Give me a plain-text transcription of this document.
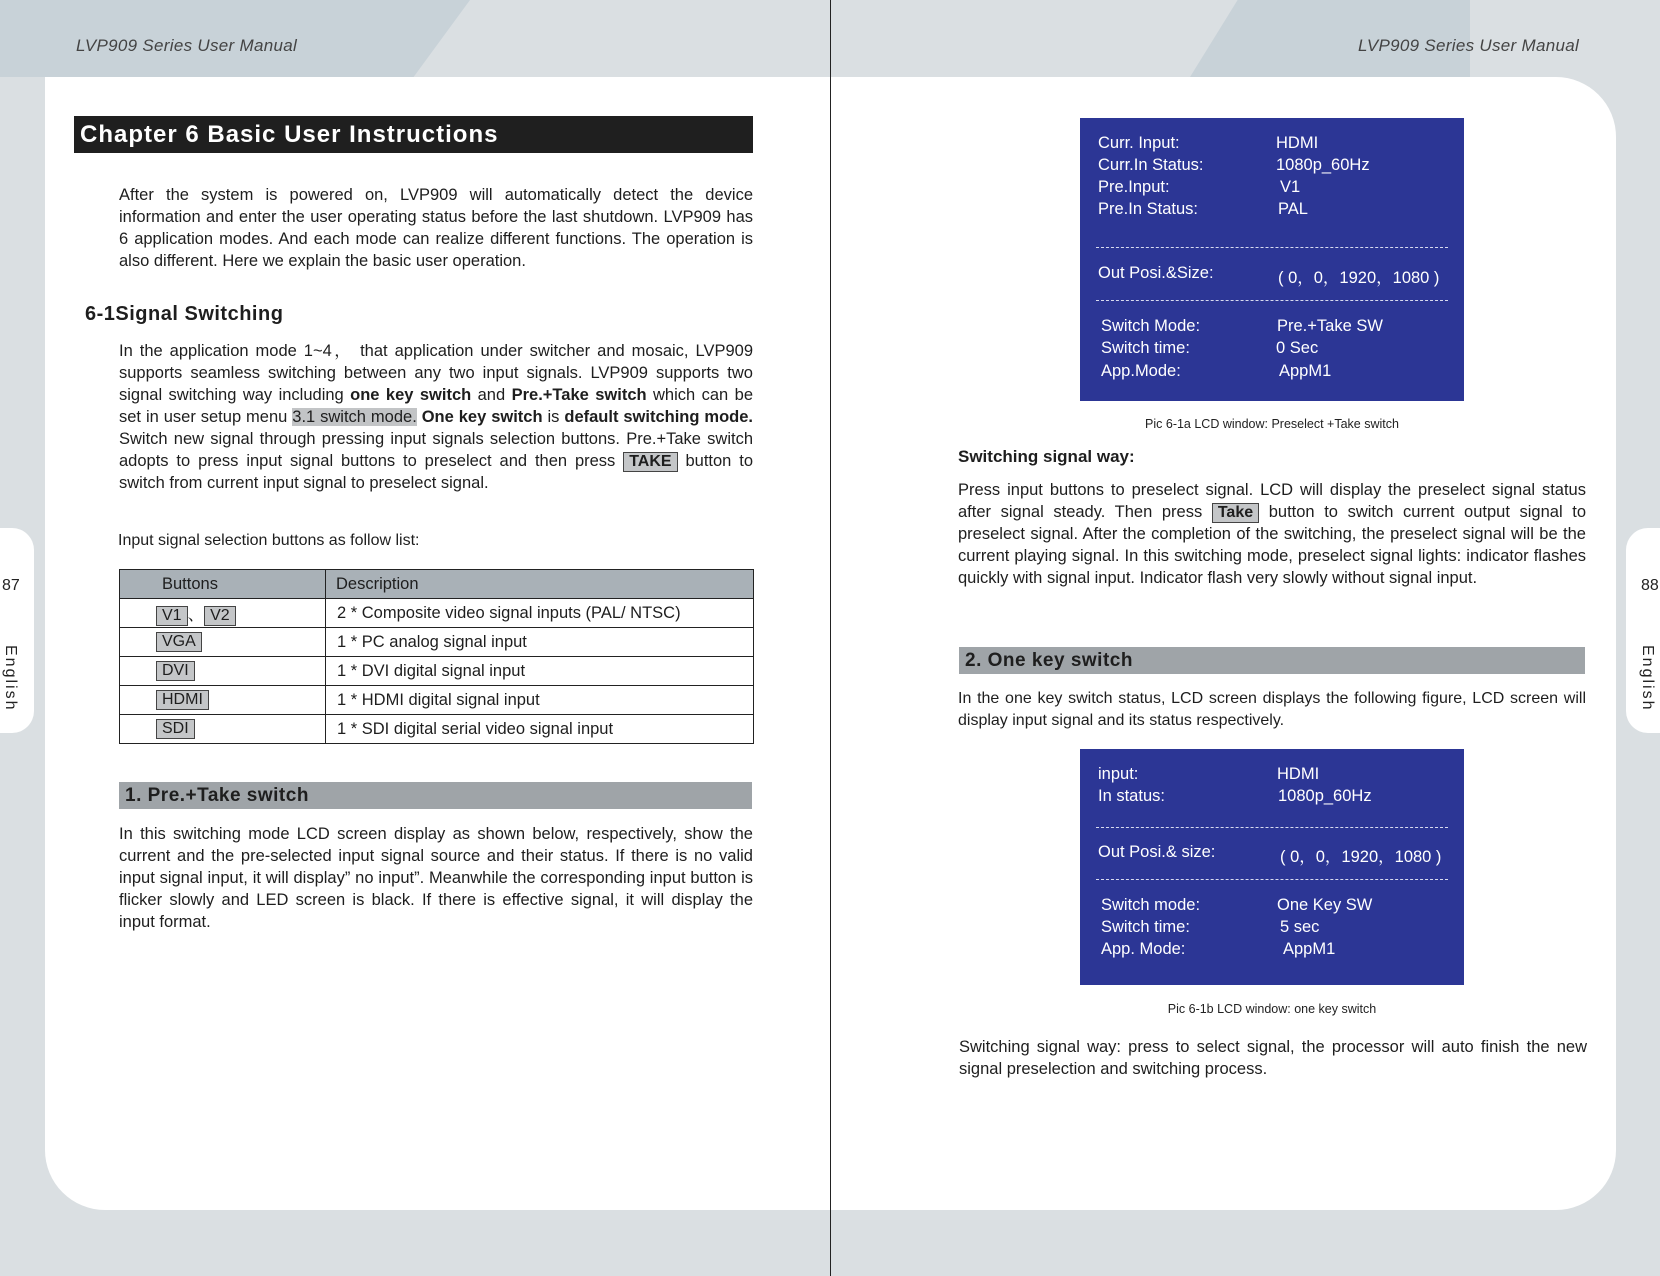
LVP909 Series User Manual	LVP909 Series User Manual
87	88
English	English
Chapter 6 Basic User Instructions
After the system is powered on, LVP909 will automatically detect the device information and enter the user operating status before the last shutdown. LVP909 has 6 application modes. And each mode can realize different functions. The operation is also different. Here we explain the basic user operation.
6-1Signal Switching
In the application mode 1~4， that application under switcher and mosaic, LVP909 supports seamless switching between any two input signals. LVP909 supports two signal switching way including one key switch and Pre.+Take switch which can be set in user setup menu 3.1 switch mode. One key switch is default switching mode. Switch new signal through pressing input signals selection buttons. Pre.+Take switch adopts to press input signal buttons to preselect and then press TAKE button to switch from current input signal to preselect signal.
Input signal selection buttons as follow list:
Buttons	Description
V1 、 V2	2 * Composite video signal inputs (PAL/ NTSC)
VGA	1 * PC analog signal input
DVI	1 * DVI digital signal input
HDMI	1 * HDMI digital signal input
SDI	1 * SDI digital serial video signal input
1. Pre.+Take switch
In this switching mode LCD screen display as shown below, respectively, show the current and the pre-selected input signal source and their status. If there is no valid input signal input, it will display” no input”. Meanwhile the corresponding input button is flicker slowly and LED screen is black. If there is effective signal, it will display the input format.
Curr. Input:	HDMI
Curr.In Status:	1080p_60Hz
Pre.Input:	V1
Pre.In Status:	PAL
Out Posi.&Size:	( 0，0，1920，1080 )
Switch Mode:	Pre.+Take SW
Switch time:	0 Sec
App.Mode:	AppM1
Pic 6-1a LCD window: Preselect +Take switch
Switching signal way:
Press input buttons to preselect signal. LCD will display the preselect signal status after signal steady. Then press Take button to switch current output signal to preselect signal. After the completion of the switching, the preselect signal will be the current playing signal. In this switching mode, preselect signal lights: indicator flashes quickly with signal input. Indicator flash very slowly without signal input.
2. One key switch
In the one key switch status, LCD screen displays the following figure, LCD screen will display input signal and its status respectively.
input:	HDMI
In status:	1080p_60Hz
Out Posi.& size:	( 0，0，1920，1080 )
Switch mode:	One Key SW
Switch time:	5 sec
App. Mode:	AppM1
Pic 6-1b LCD window: one key switch
Switching signal way: press to select signal, the processor will auto finish the new signal preselection and switching process.
